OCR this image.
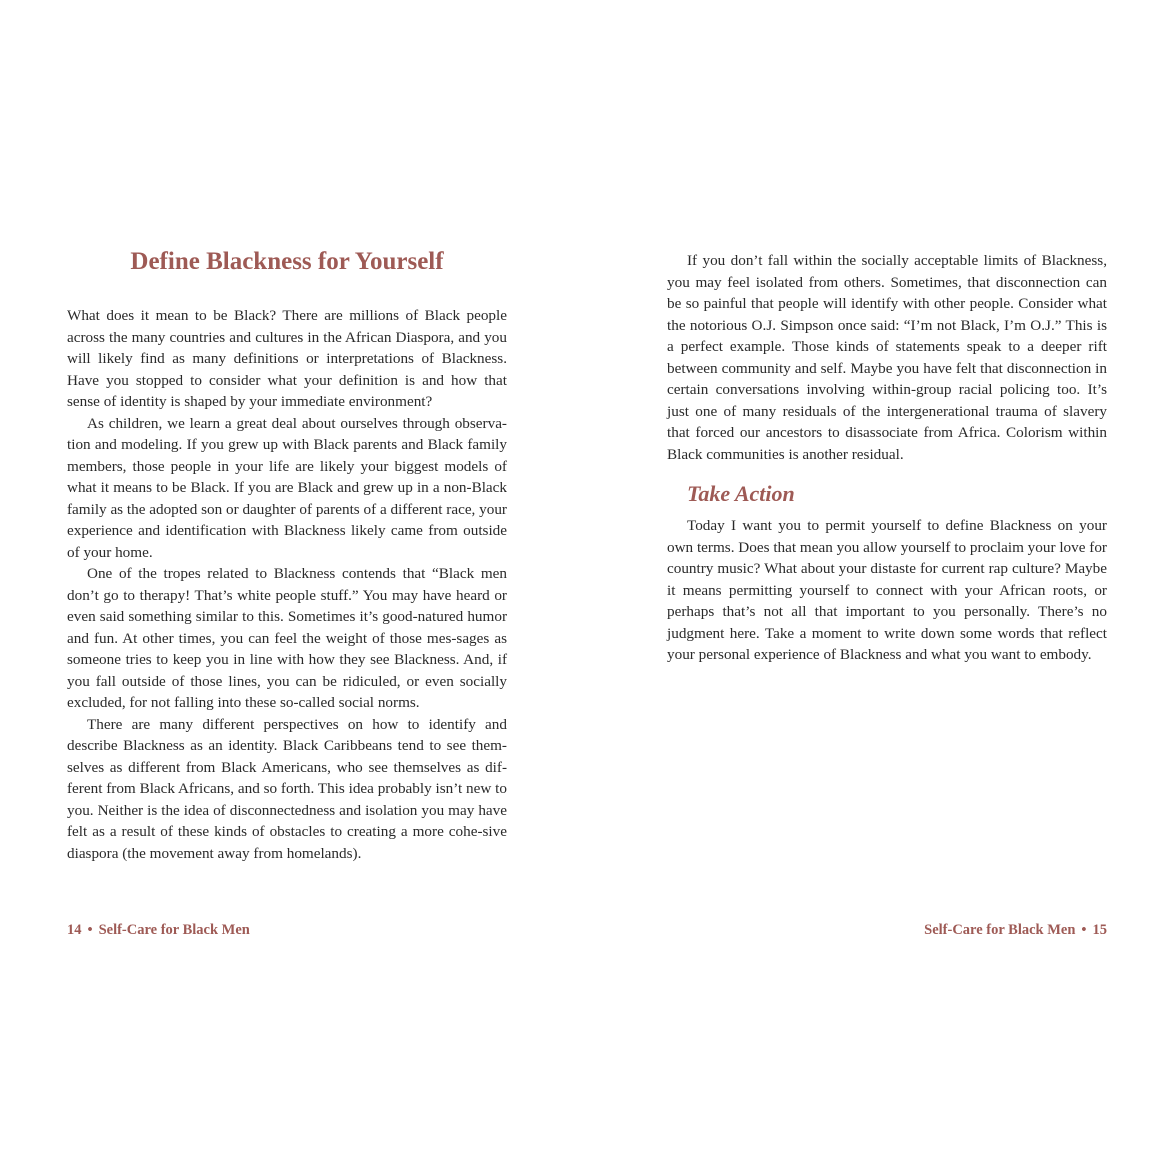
Define Blackness for Yourself

What does it mean to be Black? There are millions of Black people across the many countries and cultures in the African Diaspora, and you will likely find as many definitions or interpretations of Blackness. Have you stopped to consider what your definition is and how that sense of identity is shaped by your immediate environment?

As children, we learn a great deal about ourselves through observa-tion and modeling. If you grew up with Black parents and Black family members, those people in your life are likely your biggest models of what it means to be Black. If you are Black and grew up in a non-Black family as the adopted son or daughter of parents of a different race, your experience and identification with Blackness likely came from outside of your home.

One of the tropes related to Blackness contends that “Black men don’t go to therapy! That’s white people stuff.” You may have heard or even said something similar to this. Sometimes it’s good-natured humor and fun. At other times, you can feel the weight of those mes-sages as someone tries to keep you in line with how they see Blackness. And, if you fall outside of those lines, you can be ridiculed, or even socially excluded, for not falling into these so-called social norms.

There are many different perspectives on how to identify and describe Blackness as an identity. Black Caribbeans tend to see them-selves as different from Black Americans, who see themselves as dif-ferent from Black Africans, and so forth. This idea probably isn’t new to you. Neither is the idea of disconnectedness and isolation you may have felt as a result of these kinds of obstacles to creating a more cohe-sive diaspora (the movement away from homelands).

14 • Self-Care for Black Men

If you don’t fall within the socially acceptable limits of Blackness, you may feel isolated from others. Sometimes, that disconnection can be so painful that people will identify with other people. Consider what the notorious O.J. Simpson once said: “I’m not Black, I’m O.J.” This is a perfect example. Those kinds of statements speak to a deeper rift between community and self. Maybe you have felt that disconnection in certain conversations involving within-group racial policing too. It’s just one of many residuals of the intergenerational trauma of slavery that forced our ancestors to disassociate from Africa. Colorism within Black communities is another residual.

Take Action

Today I want you to permit yourself to define Blackness on your own terms. Does that mean you allow yourself to proclaim your love for country music? What about your distaste for current rap culture? Maybe it means permitting yourself to connect with your African roots, or perhaps that’s not all that important to you personally. There’s no judgment here. Take a moment to write down some words that reflect your personal experience of Blackness and what you want to embody.

Self-Care for Black Men • 15
